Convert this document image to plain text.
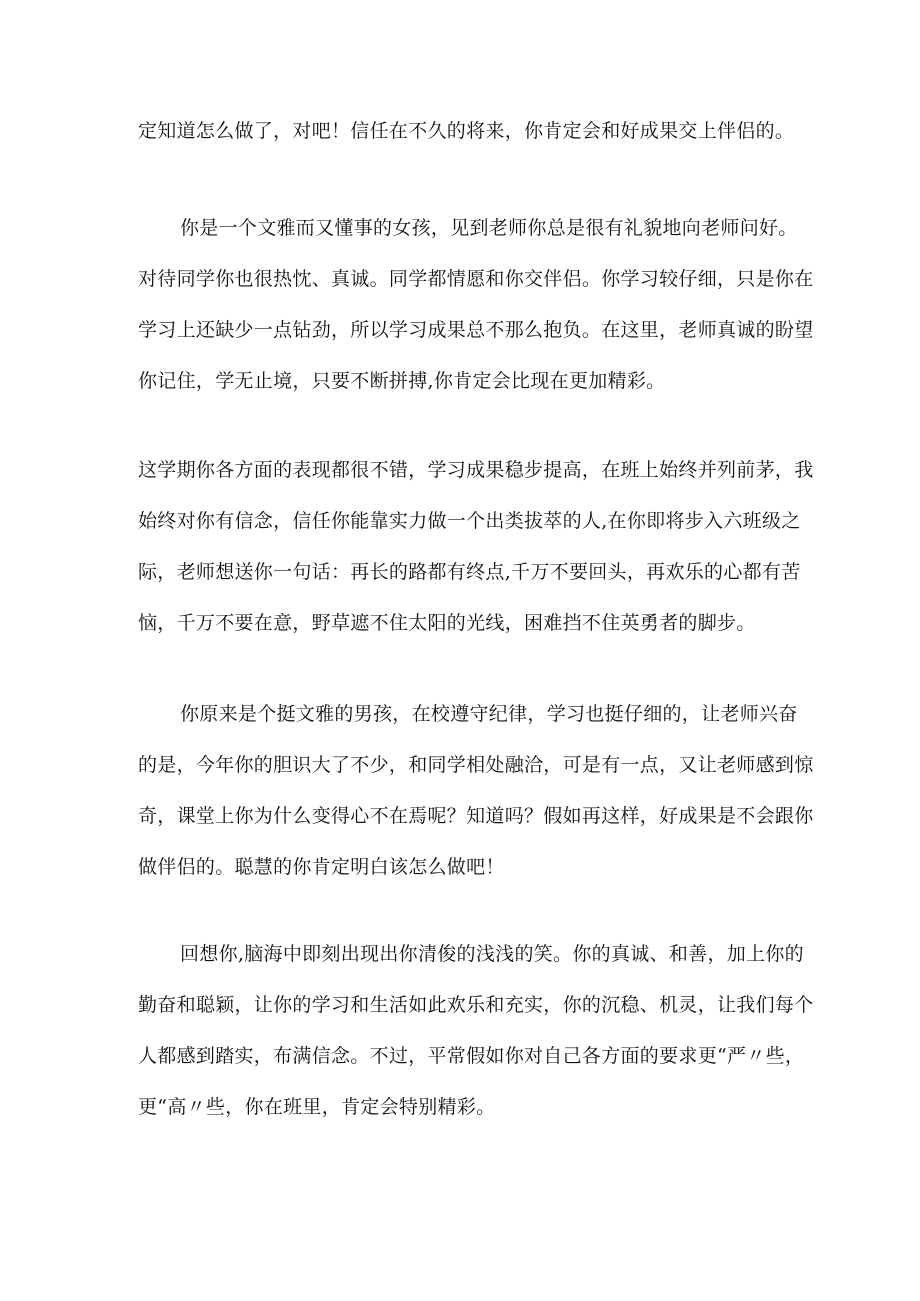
定知道怎么做了，对吧！信任在不久的将来，你肯定会和好成果交上伴侣的。

你是一个文雅而又懂事的女孩，见到老师你总是很有礼貌地向老师问好。
对待同学你也很热忱、真诚。同学都情愿和你交伴侣。你学习较仔细，只是你在
学习上还缺少一点钻劲，所以学习成果总不那么抱负。在这里，老师真诚的盼望
你记住，学无止境，只要不断拼搏,你肯定会比现在更加精彩。

这学期你各方面的表现都很不错，学习成果稳步提高，在班上始终并列前茅，我
始终对你有信念，信任你能靠实力做一个出类拔萃的人,在你即将步入六班级之
际，老师想送你一句话：再长的路都有终点,千万不要回头，再欢乐的心都有苦
恼，千万不要在意，野草遮不住太阳的光线，困难挡不住英勇者的脚步。

你原来是个挺文雅的男孩，在校遵守纪律，学习也挺仔细的，让老师兴奋
的是，今年你的胆识大了不少，和同学相处融洽，可是有一点，又让老师感到惊
奇，课堂上你为什么变得心不在焉呢？知道吗？假如再这样，好成果是不会跟你
做伴侣的。聪慧的你肯定明白该怎么做吧！

回想你,脑海中即刻出现出你清俊的浅浅的笑。你的真诚、和善，加上你的
勤奋和聪颖，让你的学习和生活如此欢乐和充实，你的沉稳、机灵，让我们每个
人都感到踏实，布满信念。不过，平常假如你对自己各方面的要求更“严〃些，
更“高〃些，你在班里，肯定会特别精彩。
